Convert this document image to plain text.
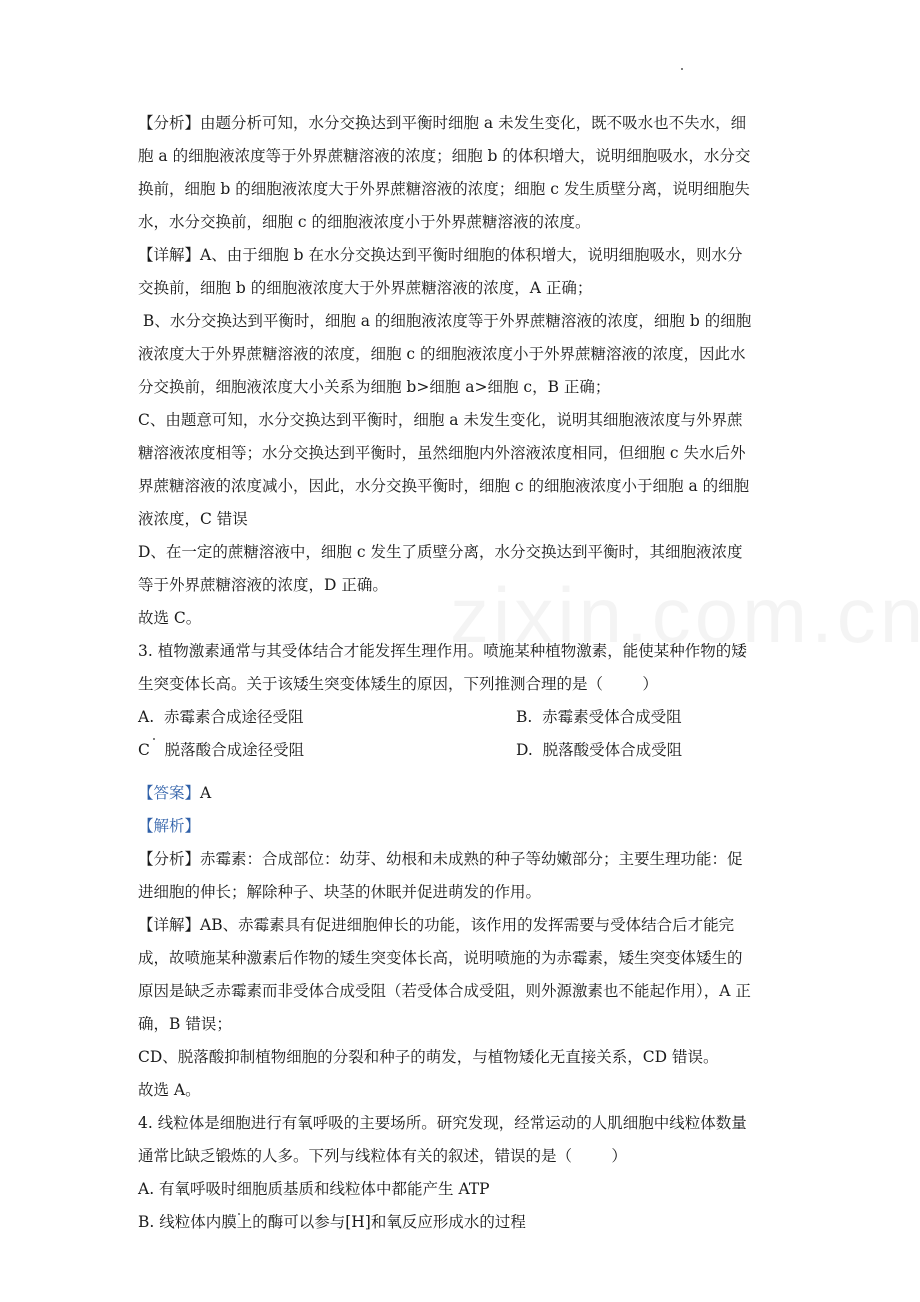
【分析】由题分析可知，水分交换达到平衡时细胞 a 未发生变化，既不吸水也不失水，细
胞 a 的细胞液浓度等于外界蔗糖溶液的浓度；细胞 b 的体积增大，说明细胞吸水，水分交
换前，细胞 b 的细胞液浓度大于外界蔗糖溶液的浓度；细胞 c 发生质壁分离，说明细胞失
水，水分交换前，细胞 c 的细胞液浓度小于外界蔗糖溶液的浓度。
【详解】A、由于细胞 b 在水分交换达到平衡时细胞的体积增大，说明细胞吸水，则水分
交换前，细胞 b 的细胞液浓度大于外界蔗糖溶液的浓度，A 正确；
B、水分交换达到平衡时，细胞 a 的细胞液浓度等于外界蔗糖溶液的浓度，细胞 b 的细胞
液浓度大于外界蔗糖溶液的浓度，细胞 c 的细胞液浓度小于外界蔗糖溶液的浓度，因此水
分交换前，细胞液浓度大小关系为细胞 b>细胞 a>细胞 c，B 正确；
C、由题意可知，水分交换达到平衡时，细胞 a 未发生变化，说明其细胞液浓度与外界蔗
糖溶液浓度相等；水分交换达到平衡时，虽然细胞内外溶液浓度相同，但细胞 c 失水后外
界蔗糖溶液的浓度减小，因此，水分交换平衡时，细胞 c 的细胞液浓度小于细胞 a 的细胞
液浓度，C 错误
D、在一定的蔗糖溶液中，细胞 c 发生了质壁分离，水分交换达到平衡时，其细胞液浓度
等于外界蔗糖溶液的浓度，D 正确。
故选 C。
3. 植物激素通常与其受体结合才能发挥生理作用。喷施某种植物激素，能使某种作物的矮
生突变体长高。关于该矮生突变体矮生的原因，下列推测合理的是（        ）
A.  赤霉素合成途径受阻	B.  赤霉素受体合成受阻
C   脱落酸合成途径受阻	D.  脱落酸受体合成受阻
【答案】A
【解析】
【分析】赤霉素：合成部位：幼芽、幼根和未成熟的种子等幼嫩部分；主要生理功能：促
进细胞的伸长；解除种子、块茎的休眠并促进萌发的作用。
【详解】AB、赤霉素具有促进细胞伸长的功能，该作用的发挥需要与受体结合后才能完
成，故喷施某种激素后作物的矮生突变体长高，说明喷施的为赤霉素，矮生突变体矮生的
原因是缺乏赤霉素而非受体合成受阻（若受体合成受阻，则外源激素也不能起作用），A 正
确，B 错误；
CD、脱落酸抑制植物细胞的分裂和种子的萌发，与植物矮化无直接关系，CD 错误。
故选 A。
4. 线粒体是细胞进行有氧呼吸的主要场所。研究发现，经常运动的人肌细胞中线粒体数量
通常比缺乏锻炼的人多。下列与线粒体有关的叙述，错误的是（        ）
A. 有氧呼吸时细胞质基质和线粒体中都能产生 ATP
B. 线粒体内膜上的酶可以参与[H]和氧反应形成水的过程
